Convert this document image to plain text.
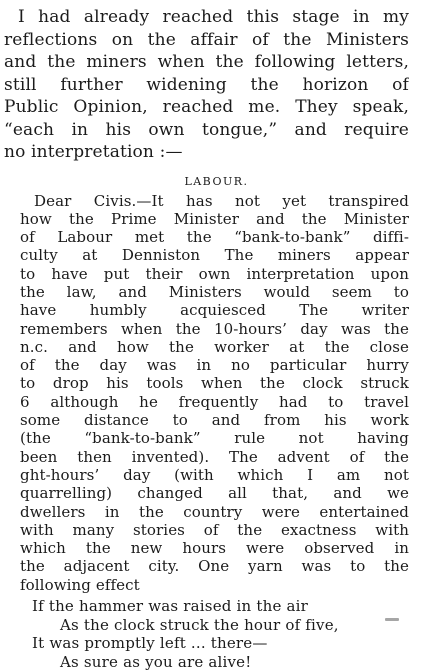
I had already reached this stage in my
reflections on the affair of the Ministers
and the miners when the following letters,
still further widening the horizon of
Public Opinion, reached me. They speak,
“each in his own tongue,” and require
no interpretation :—
LABOUR.
Dear Civis.—It has not yet transpired
how the Prime Minister and the Minister
of Labour met the “bank-to-bank” diffi-
culty at Denniston The miners appear
to have put their own interpretation upon
the law, and Ministers would seem to
have humbly acquiesced The writer
remembers when the 10-hours’ day was the
n.c. and how the worker at the close
of the day was in no particular hurry
to drop his tools when the clock struck
6 although he frequently had to travel
some distance to and from his work
(the “bank-to-bank” rule not having
been then invented). The advent of the
ght-hours’ day (with which I am not
quarrelling) changed all that, and we
dwellers in the country were entertained
with many stories of the exactness with
which the new hours were observed in
the adjacent city. One yarn was to the
following effect
If the hammer was raised in the air
As the clock struck the hour of five,
It was promptly left ... there—
As sure as you are alive!
